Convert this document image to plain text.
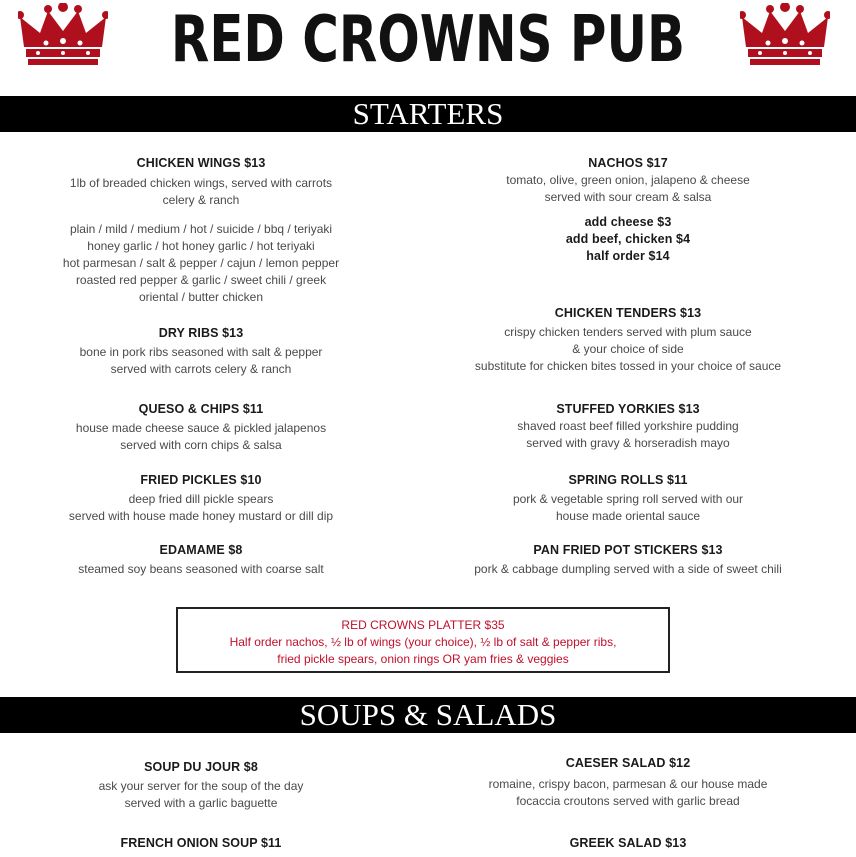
RED CROWNS PUB
STARTERS
CHICKEN WINGS $13
1lb of breaded chicken wings, served with carrots
celery & ranch
plain / mild / medium / hot / suicide / bbq / teriyaki
honey garlic / hot honey garlic / hot teriyaki
hot parmesan / salt & pepper / cajun / lemon pepper
roasted red pepper & garlic / sweet chili / greek
oriental / butter chicken
DRY RIBS $13
bone in pork ribs seasoned with salt & pepper
served with carrots celery & ranch
QUESO & CHIPS $11
house made cheese sauce & pickled jalapenos
served with corn chips & salsa
FRIED PICKLES $10
deep fried dill pickle spears
served with house made honey mustard or dill dip
EDAMAME $8
steamed soy beans seasoned with coarse salt
NACHOS $17
tomato, olive, green onion, jalapeno & cheese
served with sour cream & salsa
add cheese $3
add beef, chicken $4
half order $14
CHICKEN TENDERS $13
crispy chicken tenders served with plum sauce
& your choice of side
substitute for chicken bites tossed in your choice of sauce
STUFFED YORKIES $13
shaved roast beef filled yorkshire pudding
served with gravy & horseradish mayo
SPRING ROLLS $11
pork & vegetable spring roll served with our
house made oriental sauce
PAN FRIED POT STICKERS $13
pork & cabbage dumpling served with a side of sweet chili
RED CROWNS PLATTER $35
Half order nachos, ½ lb of wings (your choice), ½ lb of salt & pepper ribs,
fried pickle spears, onion rings OR yam fries & veggies
SOUPS & SALADS
SOUP DU JOUR $8
ask your server for the soup of the day
served with a garlic baguette
FRENCH ONION SOUP $11
CAESER SALAD $12
romaine, crispy bacon, parmesan & our house made
focaccia croutons served with garlic bread
GREEK SALAD $13
